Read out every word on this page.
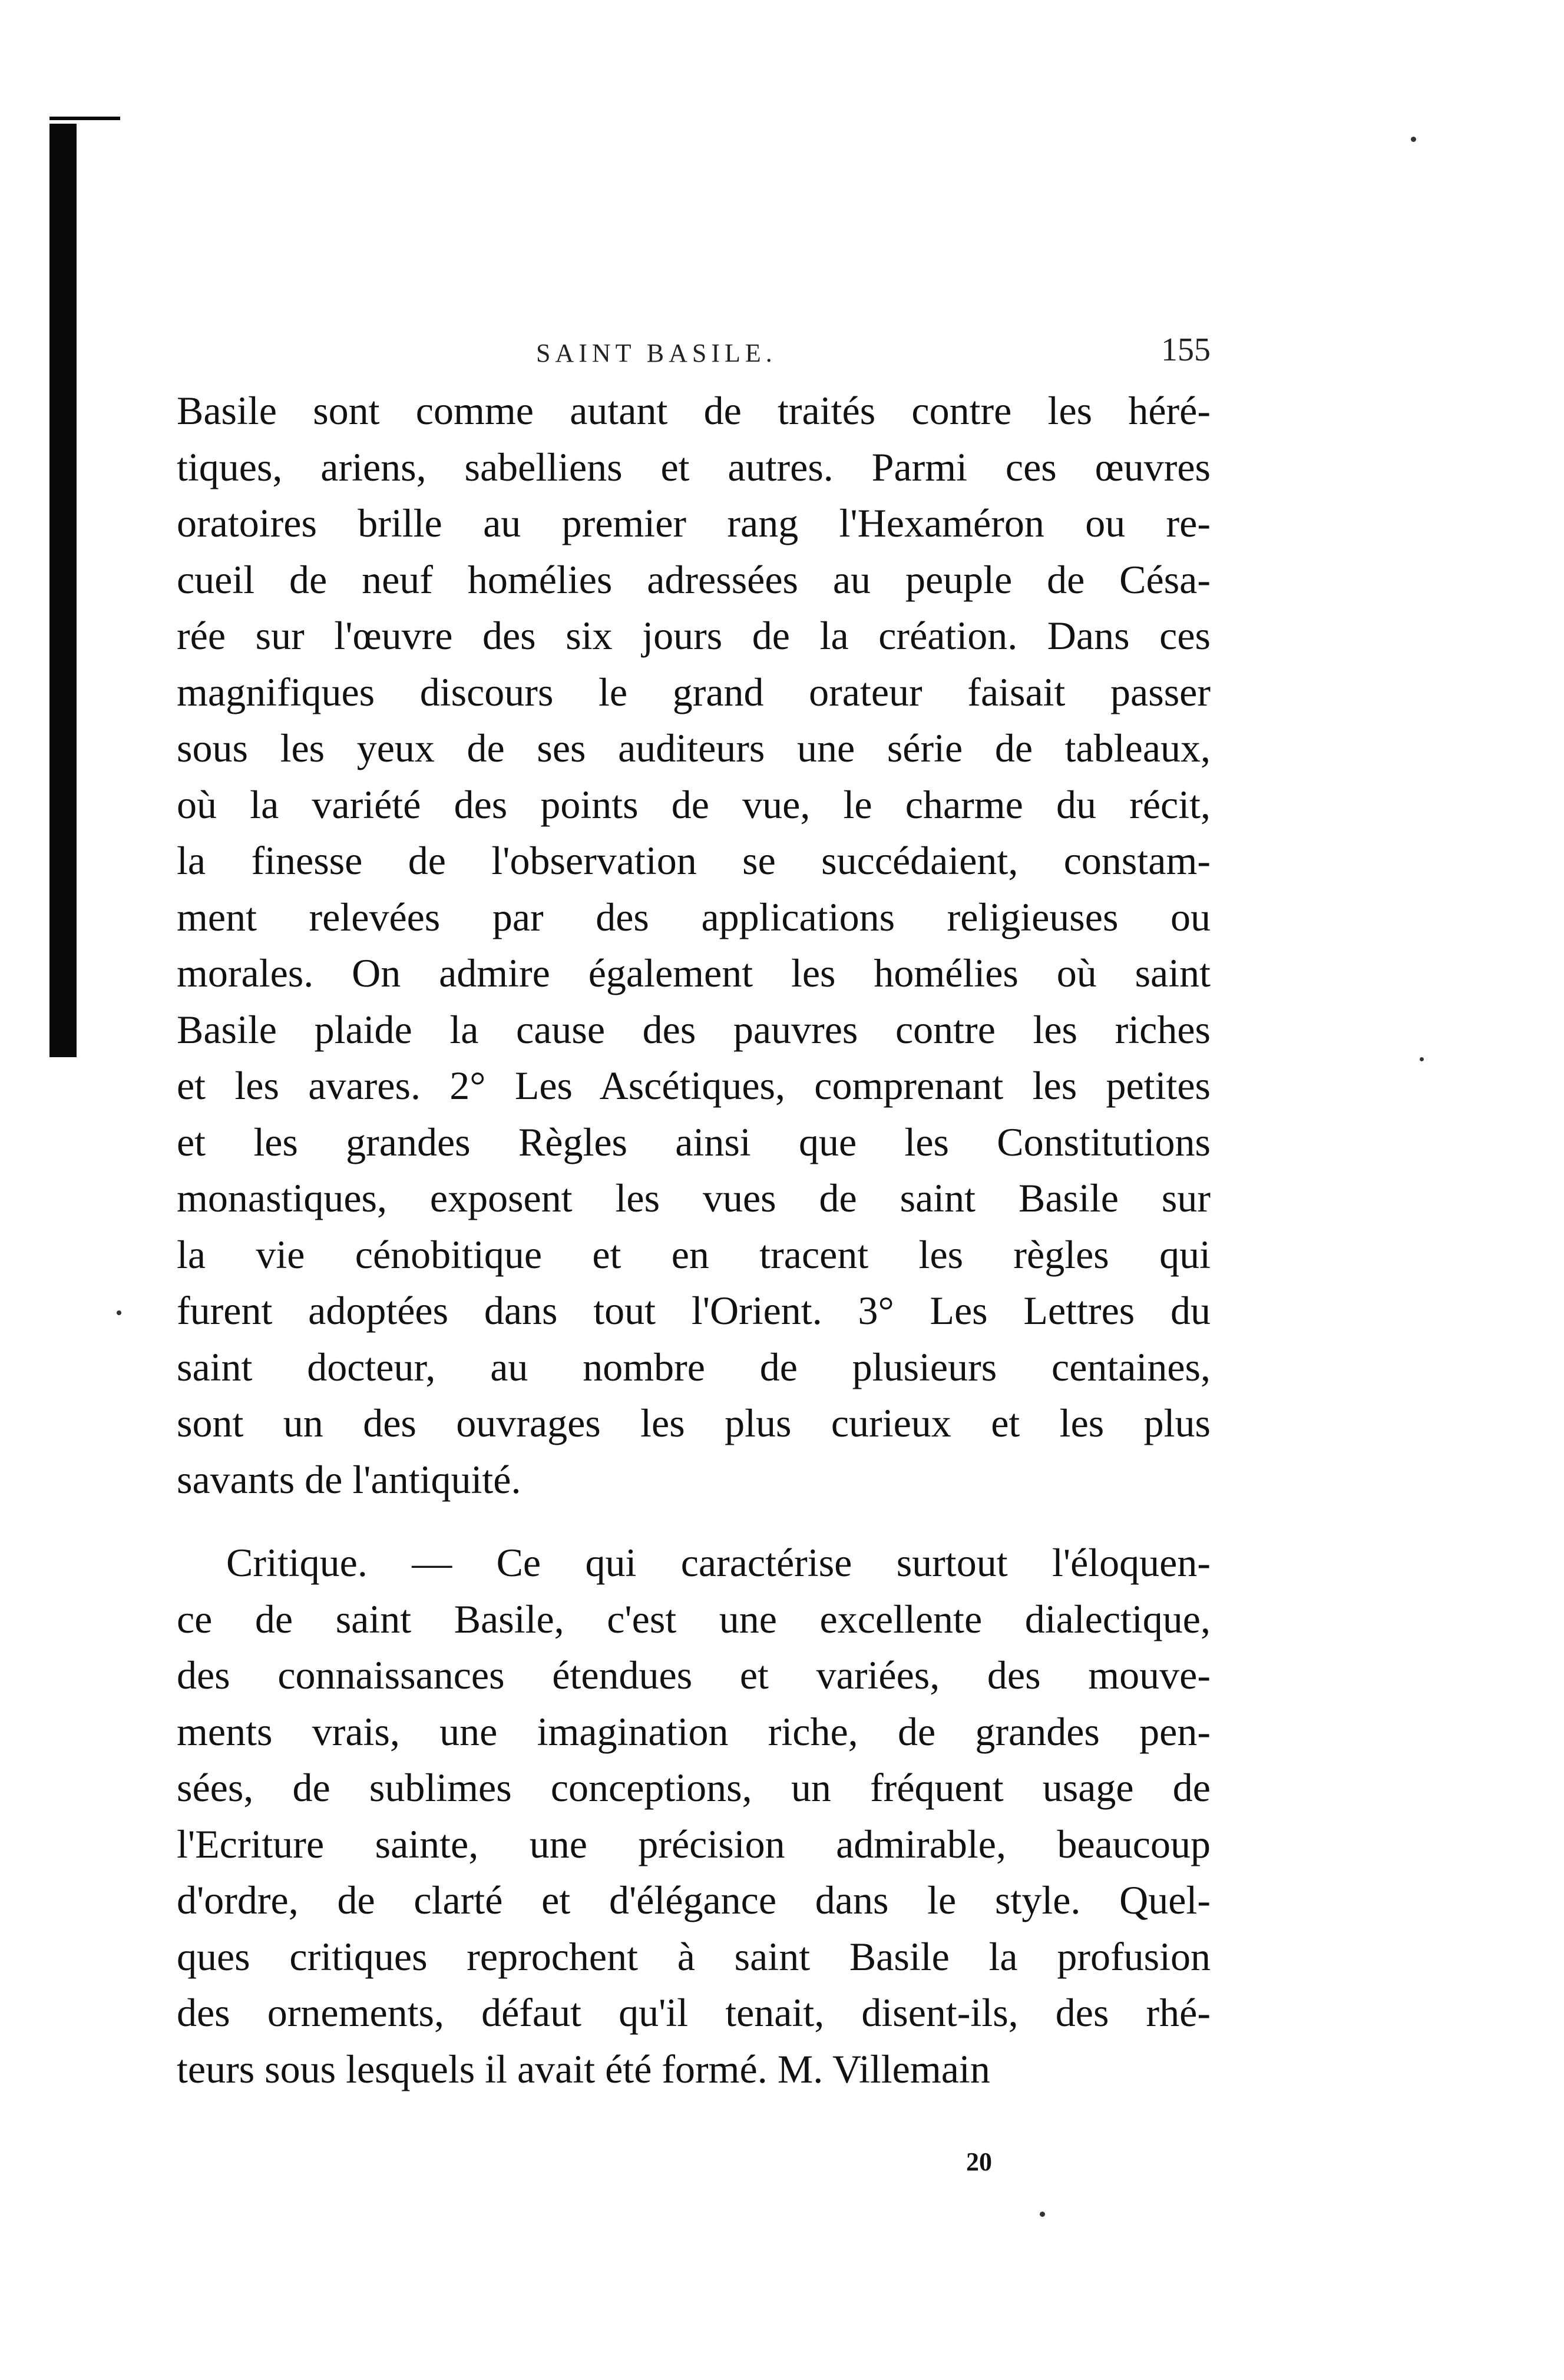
SAINT BASILE.	155
Basile sont comme autant de traités contre les héré-
tiques, ariens, sabelliens et autres. Parmi ces œuvres
oratoires brille au premier rang l'Hexaméron ou re-
cueil de neuf homélies adressées au peuple de Césa-
rée sur l'œuvre des six jours de la création. Dans ces
magnifiques discours le grand orateur faisait passer
sous les yeux de ses auditeurs une série de tableaux,
où la variété des points de vue, le charme du récit,
la finesse de l'observation se succédaient, constam-
ment relevées par des applications religieuses ou
morales. On admire également les homélies où saint
Basile plaide la cause des pauvres contre les riches
et les avares. 2° Les Ascétiques, comprenant les petites
et les grandes Règles ainsi que les Constitutions
monastiques, exposent les vues de saint Basile sur
la vie cénobitique et en tracent les règles qui
furent adoptées dans tout l'Orient. 3° Les Lettres du
saint docteur, au nombre de plusieurs centaines,
sont un des ouvrages les plus curieux et les plus
savants de l'antiquité.
Critique. — Ce qui caractérise surtout l'éloquen-
ce de saint Basile, c'est une excellente dialectique,
des connaissances étendues et variées, des mouve-
ments vrais, une imagination riche, de grandes pen-
sées, de sublimes conceptions, un fréquent usage de
l'Ecriture sainte, une précision admirable, beaucoup
d'ordre, de clarté et d'élégance dans le style. Quel-
ques critiques reprochent à saint Basile la profusion
des ornements, défaut qu'il tenait, disent-ils, des rhé-
teurs sous lesquels il avait été formé. M. Villemain
20
